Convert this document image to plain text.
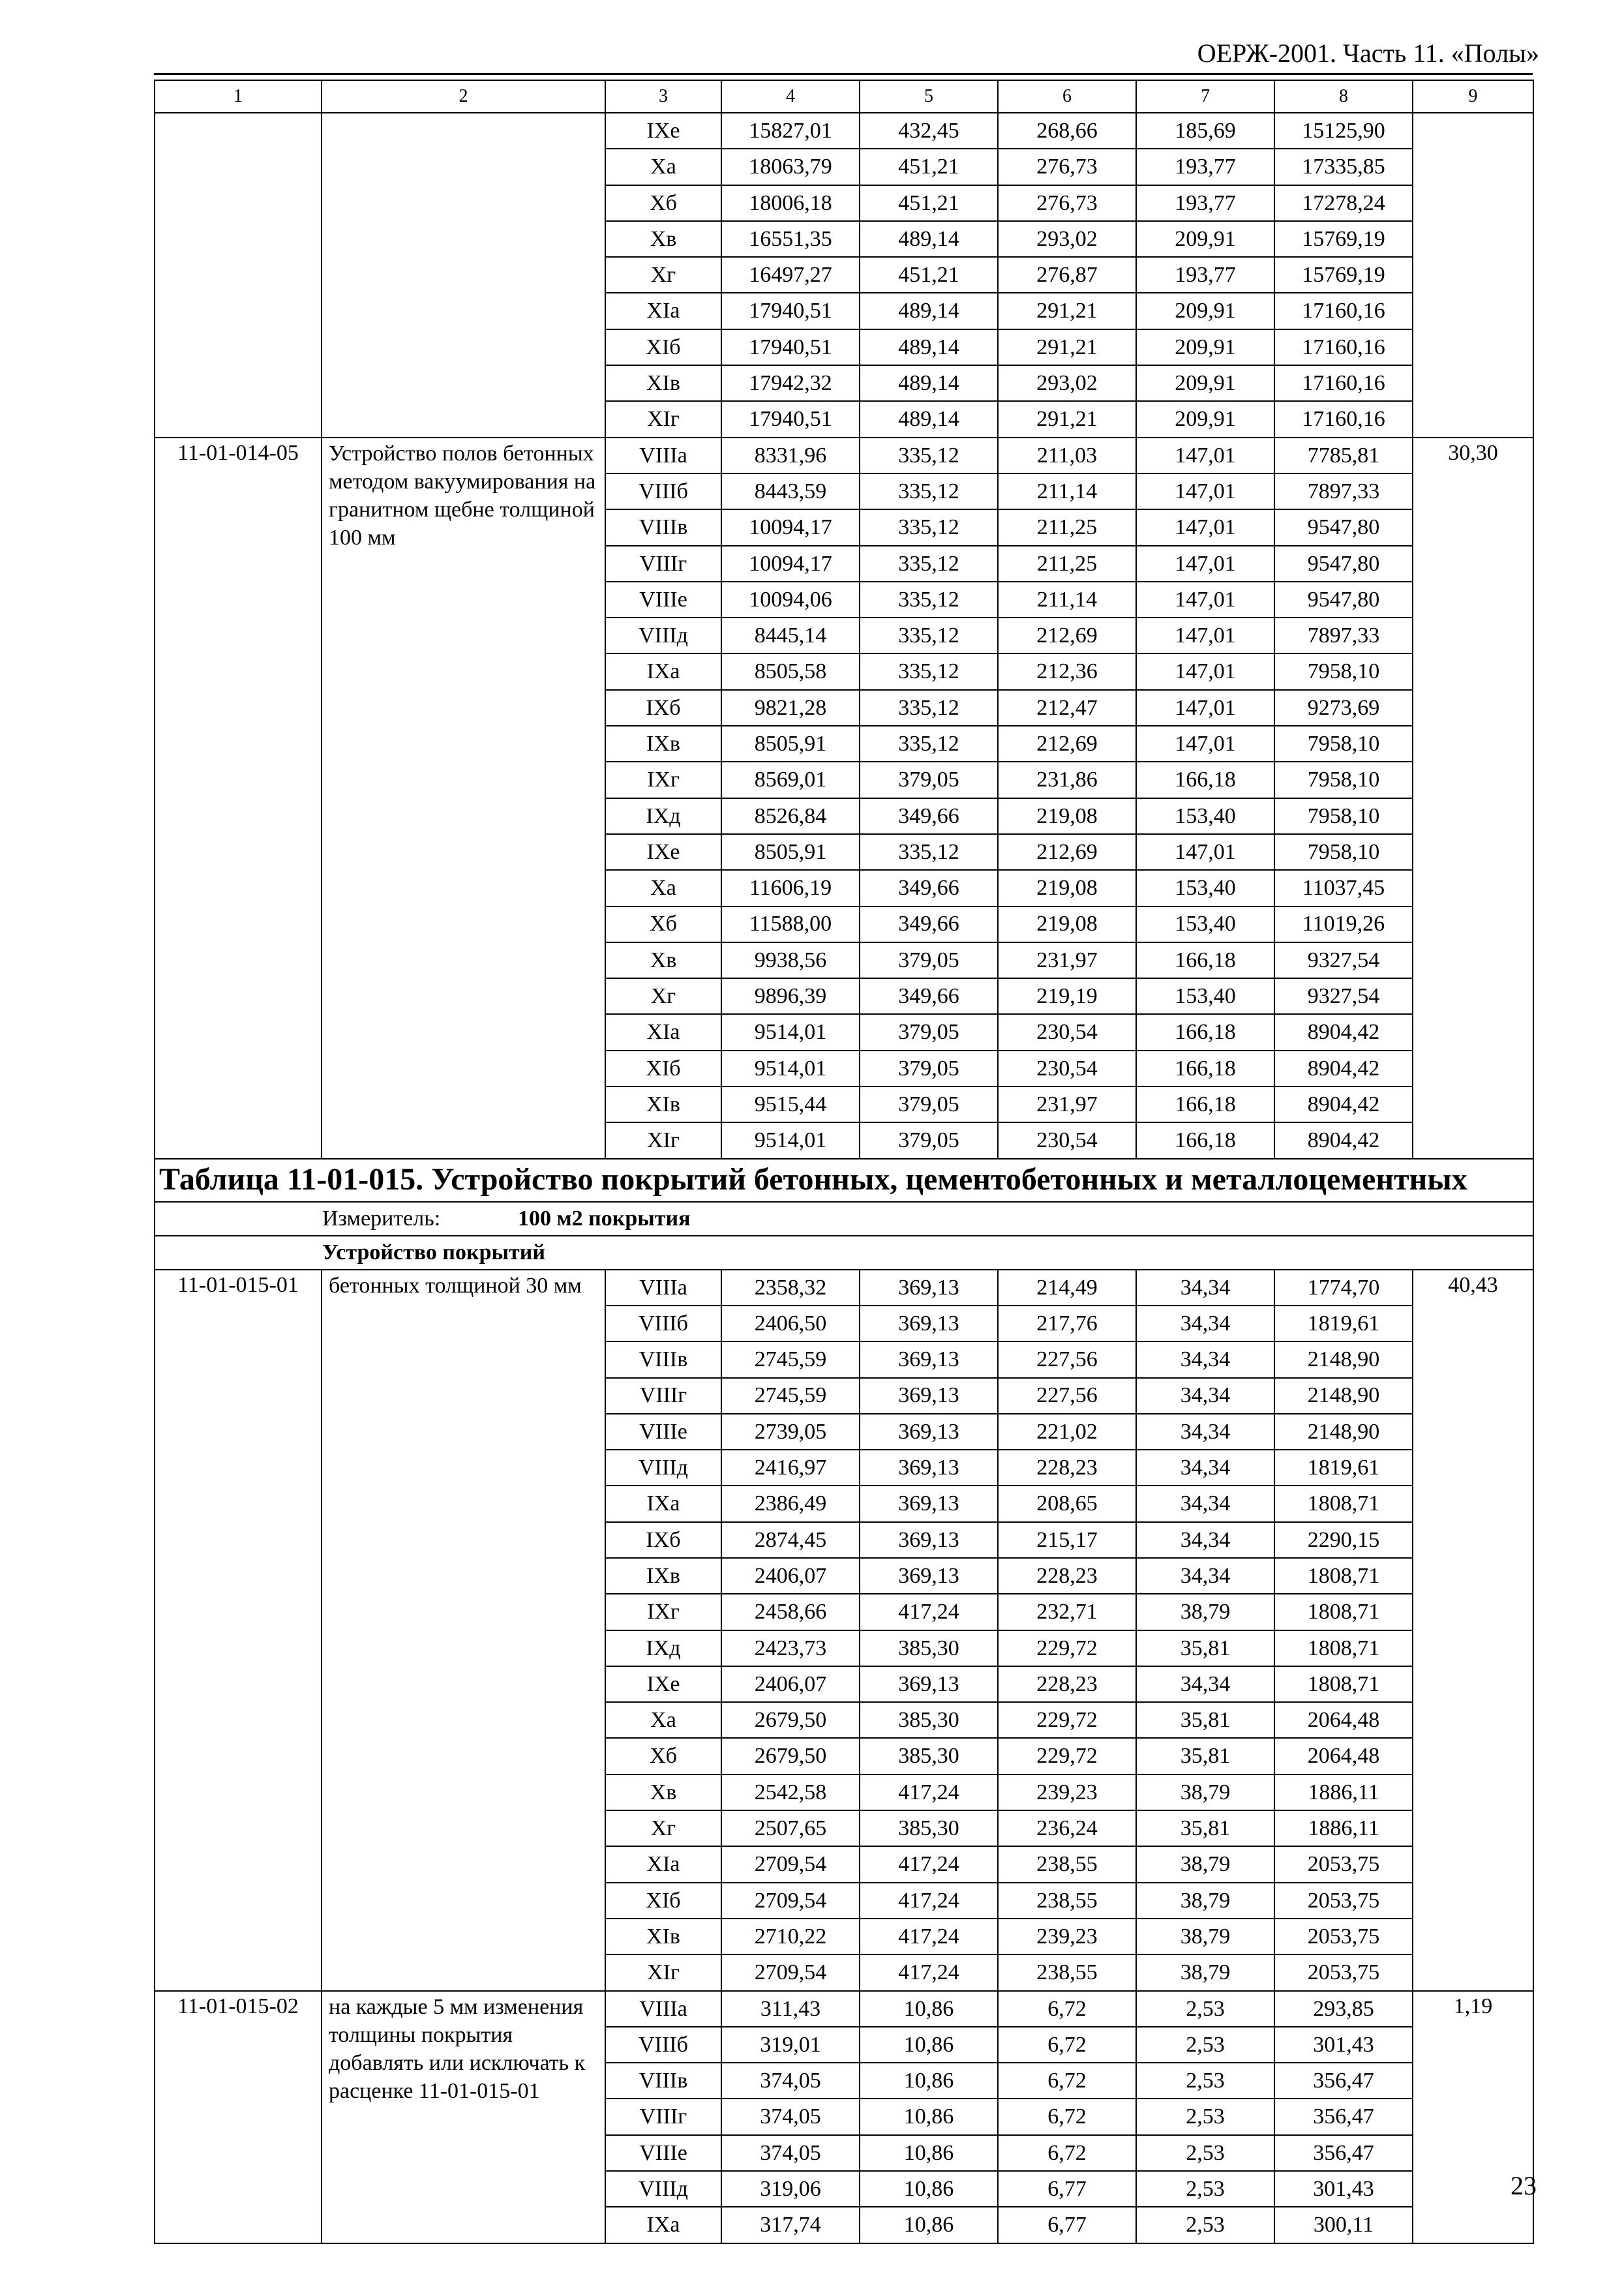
ОЕРЖ-2001. Часть 11. «Полы»
1	2	3	4	5	6	7	8	9
		IXe	15827,01	432,45	268,66	185,69	15125,90	
		Xa	18063,79	451,21	276,73	193,77	17335,85	
		Xб	18006,18	451,21	276,73	193,77	17278,24	
		Xв	16551,35	489,14	293,02	209,91	15769,19	
		Xг	16497,27	451,21	276,87	193,77	15769,19	
		XIa	17940,51	489,14	291,21	209,91	17160,16	
		XIб	17940,51	489,14	291,21	209,91	17160,16	
		XIв	17942,32	489,14	293,02	209,91	17160,16	
		XIг	17940,51	489,14	291,21	209,91	17160,16	
11-01-014-05	Устройство полов бетонных методом вакуумирования на гранитном щебне толщиной 100 мм	VIIIa	8331,96	335,12	211,03	147,01	7785,81	30,30
		VIIIб	8443,59	335,12	211,14	147,01	7897,33	
		VIIIв	10094,17	335,12	211,25	147,01	9547,80	
		VIIIг	10094,17	335,12	211,25	147,01	9547,80	
		VIIIe	10094,06	335,12	211,14	147,01	9547,80	
		VIIIд	8445,14	335,12	212,69	147,01	7897,33	
		IXa	8505,58	335,12	212,36	147,01	7958,10	
		IXб	9821,28	335,12	212,47	147,01	9273,69	
		IXв	8505,91	335,12	212,69	147,01	7958,10	
		IXг	8569,01	379,05	231,86	166,18	7958,10	
		IXд	8526,84	349,66	219,08	153,40	7958,10	
		IXe	8505,91	335,12	212,69	147,01	7958,10	
		Xa	11606,19	349,66	219,08	153,40	11037,45	
		Xб	11588,00	349,66	219,08	153,40	11019,26	
		Xв	9938,56	379,05	231,97	166,18	9327,54	
		Xг	9896,39	349,66	219,19	153,40	9327,54	
		XIa	9514,01	379,05	230,54	166,18	8904,42	
		XIб	9514,01	379,05	230,54	166,18	8904,42	
		XIв	9515,44	379,05	231,97	166,18	8904,42	
		XIг	9514,01	379,05	230,54	166,18	8904,42	
Таблица 11-01-015. Устройство покрытий бетонных, цементобетонных и металлоцементных								
Измеритель: 100 м2 покрытия								
Устройство покрытий								
11-01-015-01	бетонных толщиной 30 мм	VIIIa	2358,32	369,13	214,49	34,34	1774,70	40,43
		VIIIб	2406,50	369,13	217,76	34,34	1819,61	
		VIIIв	2745,59	369,13	227,56	34,34	2148,90	
		VIIIг	2745,59	369,13	227,56	34,34	2148,90	
		VIIIe	2739,05	369,13	221,02	34,34	2148,90	
		VIIIд	2416,97	369,13	228,23	34,34	1819,61	
		IXa	2386,49	369,13	208,65	34,34	1808,71	
		IXб	2874,45	369,13	215,17	34,34	2290,15	
		IXв	2406,07	369,13	228,23	34,34	1808,71	
		IXг	2458,66	417,24	232,71	38,79	1808,71	
		IXд	2423,73	385,30	229,72	35,81	1808,71	
		IXe	2406,07	369,13	228,23	34,34	1808,71	
		Xa	2679,50	385,30	229,72	35,81	2064,48	
		Xб	2679,50	385,30	229,72	35,81	2064,48	
		Xв	2542,58	417,24	239,23	38,79	1886,11	
		Xг	2507,65	385,30	236,24	35,81	1886,11	
		XIa	2709,54	417,24	238,55	38,79	2053,75	
		XIб	2709,54	417,24	238,55	38,79	2053,75	
		XIв	2710,22	417,24	239,23	38,79	2053,75	
		XIг	2709,54	417,24	238,55	38,79	2053,75	
11-01-015-02	на каждые 5 мм изменения толщины покрытия добавлять или исключать к расценке 11-01-015-01	VIIIa	311,43	10,86	6,72	2,53	293,85	1,19
		VIIIб	319,01	10,86	6,72	2,53	301,43	
		VIIIв	374,05	10,86	6,72	2,53	356,47	
		VIIIг	374,05	10,86	6,72	2,53	356,47	
		VIIIe	374,05	10,86	6,72	2,53	356,47	
		VIIIд	319,06	10,86	6,77	2,53	301,43	
		IXa	317,74	10,86	6,77	2,53	300,11	
23
